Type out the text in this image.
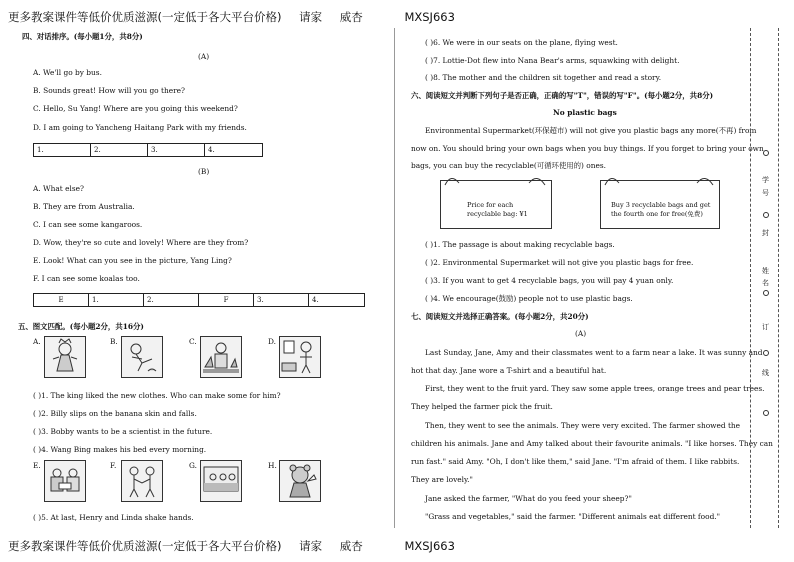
更多教案课件等低价优质滋源(一定低于各大平台价格) 请家 威杏	MXSJ663
更多教案课件等低价优质滋源(一定低于各大平台价格) 请家 威杏	MXSJ663
四、对话排序。(每小题1分，共8分)
(A)
A. We'll go by bus.
B. Sounds great! How will you go there?
C. Hello, Su Yang! Where are you going this weekend?
D. I am going to Yancheng Haitang Park with my friends.
1.	2.	3.	4.
(B)
A. What else?
B. They are from Australia.
C. I can see some kangaroos.
D. Wow, they're so cute and lovely! Where are they from?
E. Look! What can you see in the picture, Yang Ling?
F. I can see some koalas too.
E	1.	2.	F	3.	4.
五、图文匹配。(每小题2分，共16分)
A.	B.	C.	D.
( )1. The king liked the new clothes. Who can make some for him?
( )2. Billy slips on the banana skin and falls.
( )3. Bobby wants to be a scientist in the future.
( )4. Wang Bing makes his bed every morning.
E.	F.	G.	H.
( )5. At last, Henry and Linda shake hands.
( )6. We were in our seats on the plane, flying west.
( )7. Lottie-Dot flew into Nana Bear's arms, squawking with delight.
( )8. The mother and the children sit together and read a story.
六、阅读短文并判断下列句子是否正确，正确的写"T"，错误的写"F"。(每小题2分，共8分)
No plastic bags
Environmental Supermarket(环保超市) will not give you plastic bags any more(不再) from
now on. You should bring your own bags when you buy things. If you forget to bring your own
bags, you can buy the recyclable(可循环使用的) ones.
Price for each
recyclable bag: ¥1
Buy 3 recyclable bags and get
the fourth one for free(免费)
( )1. The passage is about making recyclable bags.
( )2. Environmental Supermarket will not give you plastic bags for free.
( )3. If you want to get 4 recyclable bags, you will pay 4 yuan only.
( )4. We encourage(鼓励) people not to use plastic bags.
七、阅读短文并选择正确答案。(每小题2分，共20分)
(A)
Last Sunday, Jane, Amy and their classmates went to a farm near a lake. It was sunny and
hot that day. Jane wore a T-shirt and a beautiful hat.
First, they went to the fruit yard. They saw some apple trees, orange trees and pear trees.
They helped the farmer pick the fruit.
Then, they went to see the animals. They were very excited. The farmer showed the
children his animals. Jane and Amy talked about their favourite animals. "I like horses. They can
run fast." said Amy. "Oh, I don't like them," said Jane. "I'm afraid of them. I like rabbits.
They are lovely."
Jane asked the farmer, "What do you feed your sheep?"
"Grass and vegetables," said the farmer. "Different animals eat different food."
学
号
封
姓
名
订
线
